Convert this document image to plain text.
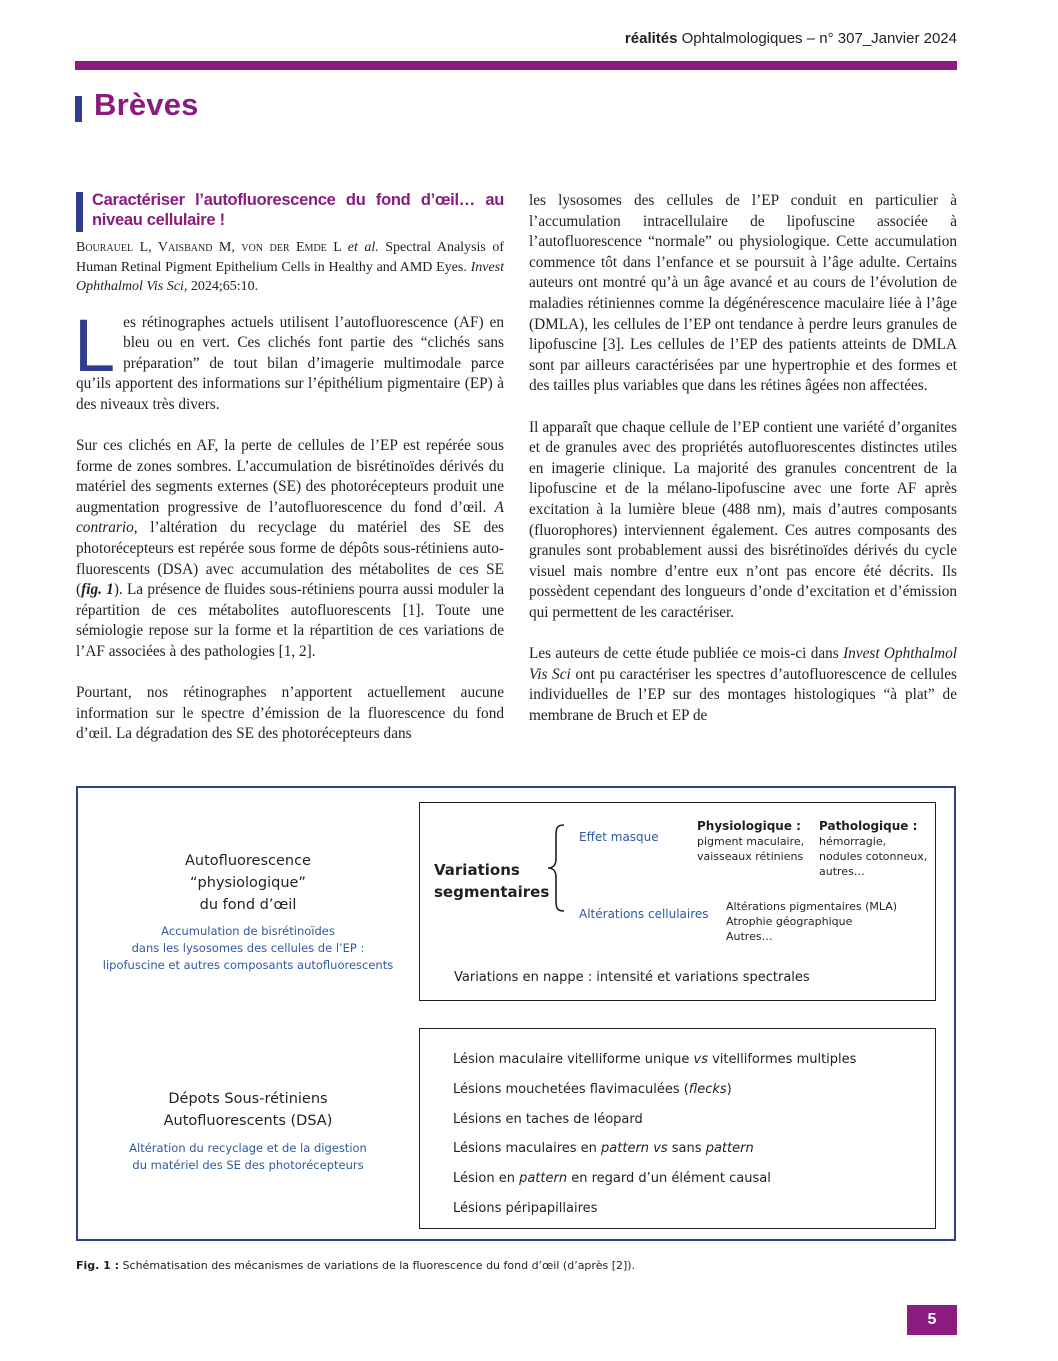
réalités Ophtalmologiques – n° 307_Janvier 2024
Brèves

Caractériser l’autofluorescence du fond d’œil… au niveau cellulaire !

Bourauel L, Vaisband M, von der Emde L et al. Spectral Analysis of Human Retinal Pigment Epithelium Cells in Healthy and AMD Eyes. Invest Ophthalmol Vis Sci, 2024;65:10.

Les rétinographes actuels utilisent l’autofluorescence (AF) en bleu ou en vert. Ces clichés font partie des “clichés sans préparation” de tout bilan d’imagerie multimodale parce qu’ils apportent des informations sur l’épithélium pigmentaire (EP) à des niveaux très divers.

Sur ces clichés en AF, la perte de cellules de l’EP est repérée sous forme de zones sombres. L’accumulation de bisrétinoïdes dérivés du matériel des segments externes (SE) des photorécepteurs produit une augmentation progressive de l’autofluorescence du fond d’œil. A contrario, l’altération du recyclage du matériel des SE des photorécepteurs est repérée sous forme de dépôts sous-rétiniens auto-fluorescents (DSA) avec accumulation des métabolites de ces SE (fig. 1). La présence de fluides sous-rétiniens pourra aussi moduler la répartition de ces métabolites autofluorescents [1]. Toute une sémiologie repose sur la forme et la répartition de ces variations de l’AF associées à des pathologies [1, 2].

Pourtant, nos rétinographes n’apportent actuellement aucune information sur le spectre d’émission de la fluorescence du fond d’œil. La dégradation des SE des photorécepteurs dans

les lysosomes des cellules de l’EP conduit en particulier à l’accumulation intracellulaire de lipofuscine associée à l’autofluorescence “normale” ou physiologique. Cette accumulation commence tôt dans l’enfance et se poursuit à l’âge adulte. Certains auteurs ont montré qu’à un âge avancé et au cours de l’évolution de maladies rétiniennes comme la dégénérescence maculaire liée à l’âge (DMLA), les cellules de l’EP ont tendance à perdre leurs granules de lipofuscine [3]. Les cellules de l’EP des patients atteints de DMLA sont par ailleurs caractérisées par une hypertrophie et des formes et des tailles plus variables que dans les rétines âgées non affectées.

Il apparaît que chaque cellule de l’EP contient une variété d’organites et de granules avec des propriétés autofluorescentes distinctes utiles en imagerie clinique. La majorité des granules concentrent de la lipofuscine et de la mélano-lipofuscine avec une forte AF après excitation à la lumière bleue (488 nm), mais d’autres composants (fluorophores) interviennent également. Ces autres composants des granules sont probablement aussi des bisrétinoïdes dérivés du cycle visuel mais nombre d’entre eux n’ont pas encore été décrits. Ils possèdent cependant des longueurs d’onde d’excitation et d’émission qui permettent de les caractériser.

Les auteurs de cette étude publiée ce mois-ci dans Invest Ophthalmol Vis Sci ont pu caractériser les spectres d’autofluorescence de cellules individuelles de l’EP sur des montages histologiques “à plat” de membrane de Bruch et EP de

Autofluorescence
“physiologique”
du fond d’œil
Accumulation de bisrétinoïdes
dans les lysosomes des cellules de l’EP :
lipofuscine et autres composants autofluorescents
Variations
segmentaires
Effet masque
Physiologique :
pigment maculaire,
vaisseaux rétiniens
Pathologique :
hémorragie,
nodules cotonneux,
autres…
Altérations cellulaires
Altérations pigmentaires (MLA)
Atrophie géographique
Autres…
Variations en nappe : intensité et variations spectrales
Dépots Sous-rétiniens
Autofluorescents (DSA)
Altération du recyclage et de la digestion
du matériel des SE des photorécepteurs
Lésion maculaire vitelliforme unique vs vitelliformes multiples
Lésions mouchetées flavimaculées (flecks)
Lésions en taches de léopard
Lésions maculaires en pattern vs sans pattern
Lésion en pattern en regard d’un élément causal
Lésions péripapillaires
Fig. 1 : Schématisation des mécanismes de variations de la fluorescence du fond d’œil (d’après [2]).
5
